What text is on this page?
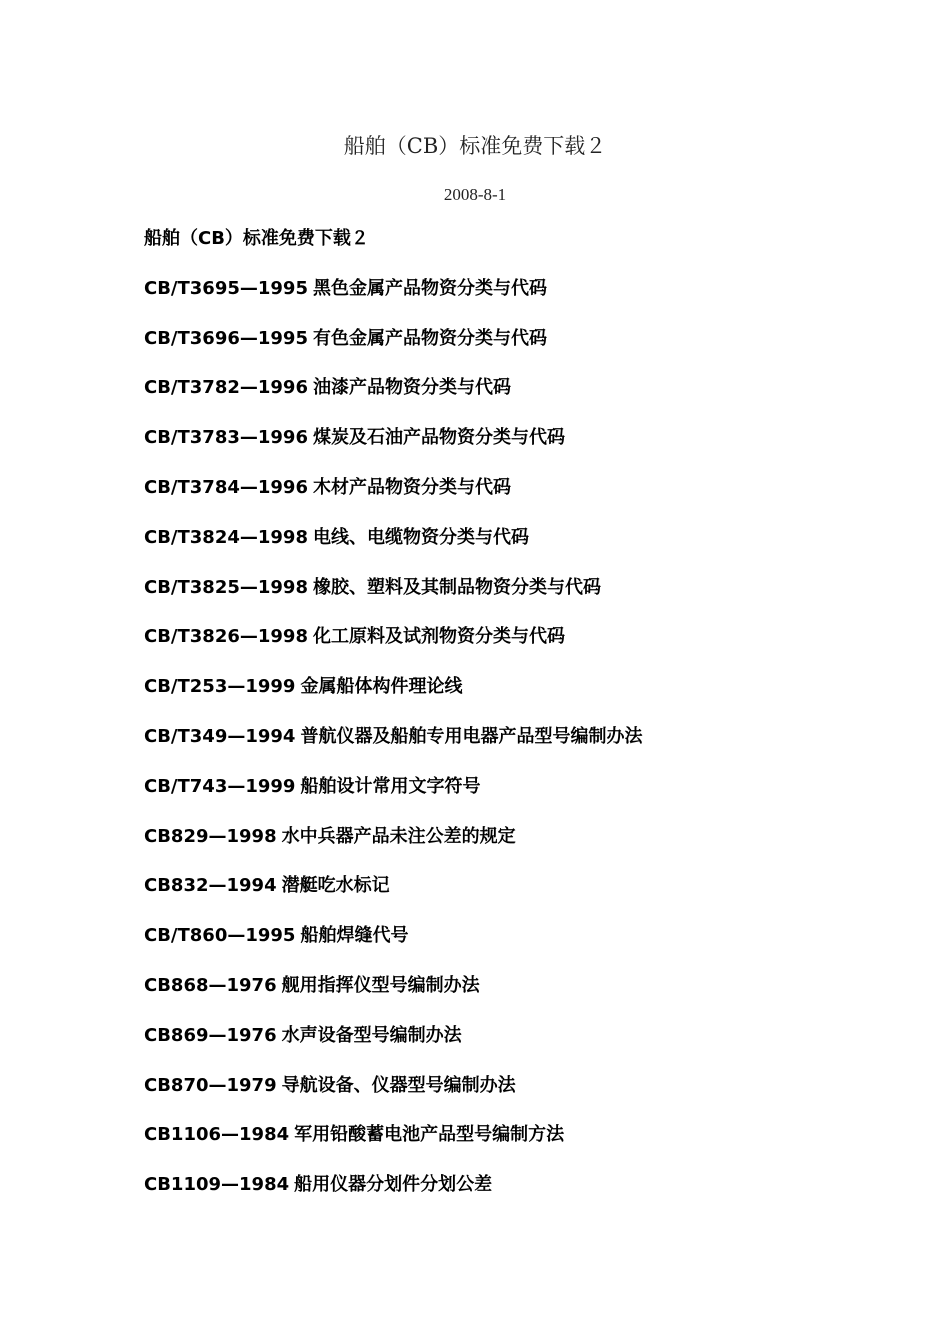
船舶（CB）标准免费下载２
2008-8-1
船舶（CB）标准免费下载２
CB/T3695—1995 黑色金属产品物资分类与代码
CB/T3696—1995 有色金属产品物资分类与代码
CB/T3782—1996 油漆产品物资分类与代码
CB/T3783—1996 煤炭及石油产品物资分类与代码
CB/T3784—1996 木材产品物资分类与代码
CB/T3824—1998 电线、电缆物资分类与代码
CB/T3825—1998 橡胶、塑料及其制品物资分类与代码
CB/T3826—1998 化工原料及试剂物资分类与代码
CB/T253—1999 金属船体构件理论线
CB/T349—1994 普航仪器及船舶专用电器产品型号编制办法
CB/T743—1999 船舶设计常用文字符号
CB829—1998 水中兵器产品未注公差的规定
CB832—1994 潜艇吃水标记
CB/T860—1995 船舶焊缝代号
CB868—1976 舰用指挥仪型号编制办法
CB869—1976 水声设备型号编制办法
CB870—1979 导航设备、仪器型号编制办法
CB1106—1984 军用铅酸蓄电池产品型号编制方法
CB1109—1984 船用仪器分划件分划公差
